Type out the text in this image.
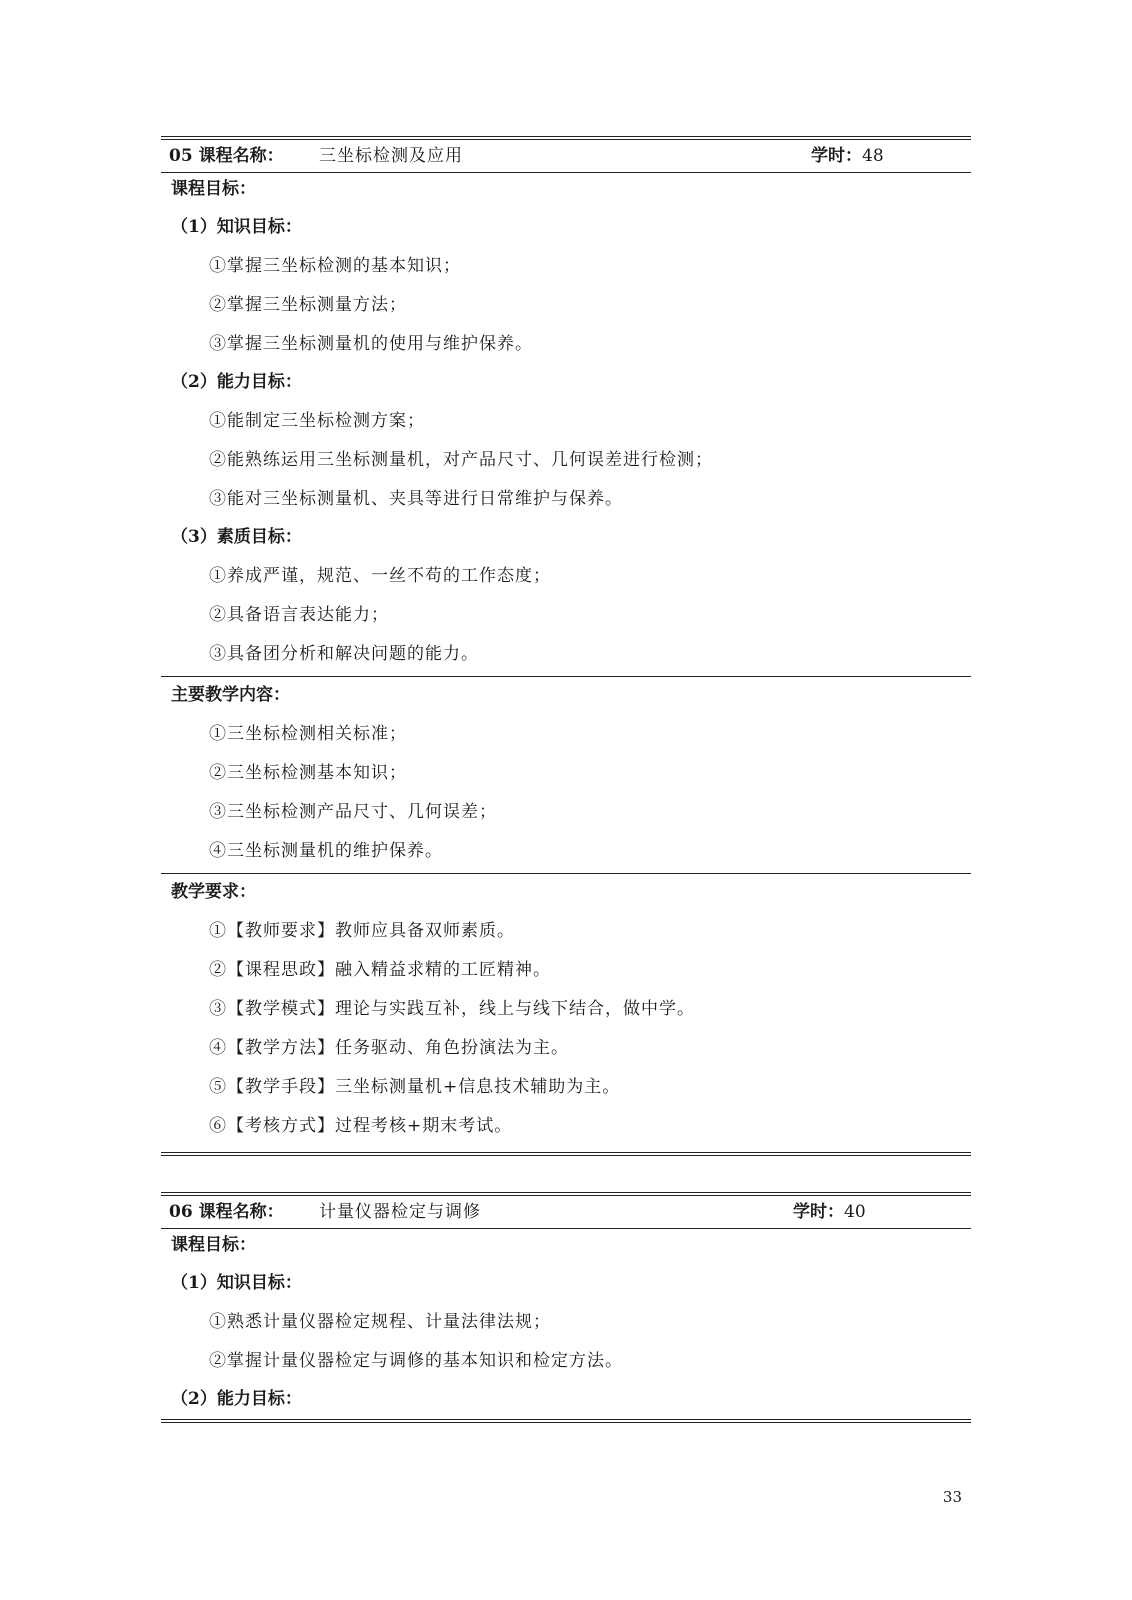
05 课程名称： 三坐标检测及应用	学时：48
课程目标：
（1）知识目标：
①掌握三坐标检测的基本知识；
②掌握三坐标测量方法；
③掌握三坐标测量机的使用与维护保养。
（2）能力目标：
①能制定三坐标检测方案；
②能熟练运用三坐标测量机，对产品尺寸、几何误差进行检测；
③能对三坐标测量机、夹具等进行日常维护与保养。
（3）素质目标：
①养成严谨，规范、一丝不苟的工作态度；
②具备语言表达能力；
③具备团分析和解决问题的能力。
主要教学内容：
①三坐标检测相关标准；
②三坐标检测基本知识；
③三坐标检测产品尺寸、几何误差；
④三坐标测量机的维护保养。
教学要求：
①【教师要求】教师应具备双师素质。
②【课程思政】融入精益求精的工匠精神。
③【教学模式】理论与实践互补，线上与线下结合，做中学。
④【教学方法】任务驱动、角色扮演法为主。
⑤【教学手段】三坐标测量机+信息技术辅助为主。
⑥【考核方式】过程考核+期末考试。
06 课程名称： 计量仪器检定与调修	学时：40
课程目标：
（1）知识目标：
①熟悉计量仪器检定规程、计量法律法规；
②掌握计量仪器检定与调修的基本知识和检定方法。
（2）能力目标：
33
